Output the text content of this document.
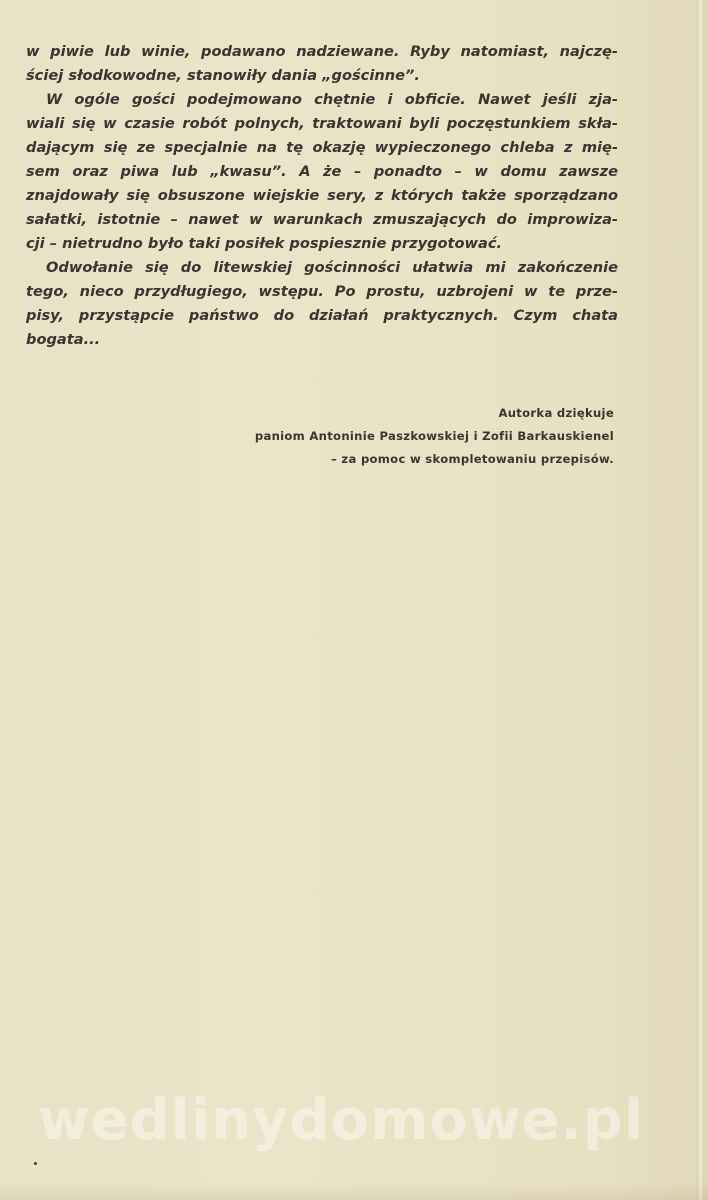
w piwie lub winie, podawano nadziewane. Ryby natomiast, najczę-
ściej słodkowodne, stanowiły dania „gościnne”.
W ogóle gości podejmowano chętnie i obficie. Nawet jeśli zja-
wiali się w czasie robót polnych, traktowani byli poczęstunkiem skła-
dającym się ze specjalnie na tę okazję wypieczonego chleba z mię-
sem oraz piwa lub „kwasu”. A że – ponadto – w domu zawsze
znajdowały się obsuszone wiejskie sery, z których także sporządzano
sałatki, istotnie – nawet w warunkach zmuszających do improwiza-
cji – nietrudno było taki posiłek pospiesznie przygotować.
Odwołanie się do litewskiej gościnności ułatwia mi zakończenie
tego, nieco przydługiego, wstępu. Po prostu, uzbrojeni w te prze-
pisy, przystąpcie państwo do działań praktycznych. Czym chata
bogata...
Autorka dziękuje
paniom Antoninie Paszkowskiej i Zofii Barkauskienel
– za pomoc w skompletowaniu przepisów.
wedlinydomowe.pl
